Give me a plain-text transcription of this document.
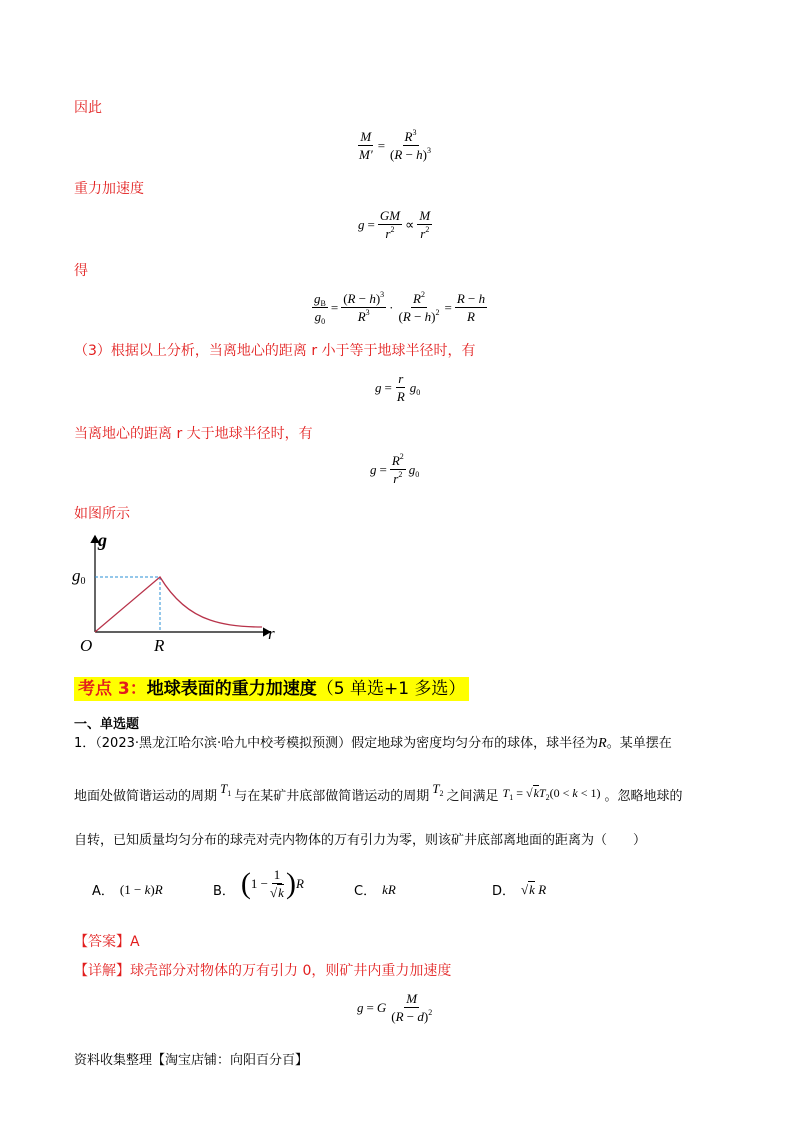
因此
$\frac{M}{M'} = \frac{R^3}{(R - h)^3}$
重力加速度
$g = \frac{GM}{r^2} \propto \frac{M}{r^2}$
得
$\frac{g_B}{g_0} = \frac{(R - h)^3}{R^3} \cdot \frac{R^2}{(R - h)^2} = \frac{R - h}{R}$
（3）根据以上分析，当离地心的距离 r 小于等于地球半径时，有
$g = \frac{r}{R} g_0$
当离地心的距离 r 大于地球半径时，有
$g = \frac{R^2}{r^2} g_0$
如图所示
g
r
O
$g_0$
R
考点 3：地球表面的重力加速度（5 单选+1 多选）
一、单选题
1．（2023·黑龙江哈尔滨·哈九中校考模拟预测）假定地球为密度均匀分布的球体，球半径为R。某单摆在
地面处做简谐运动的周期
$T_1$ 与在某矿井底部做简谐运动的周期
$T_2$ 之间满足 $T_1 = √kT_2(0 < k < 1)$ 。忽略地球的
自转，已知质量均匀分布的球壳对壳内物体的万有引力为零，则该矿井底部离地面的距离为（　　）
A． (1 − k)R	B． ( $1 - \frac{1}{√k}$ ) R
C． kR	D． √k R
【答案】A
【详解】球壳部分对物体的万有引力 0，则矿井内重力加速度
g = G $\frac{M}{(R - d)^2}$
资料收集整理【淘宝店铺：向阳百分百】
